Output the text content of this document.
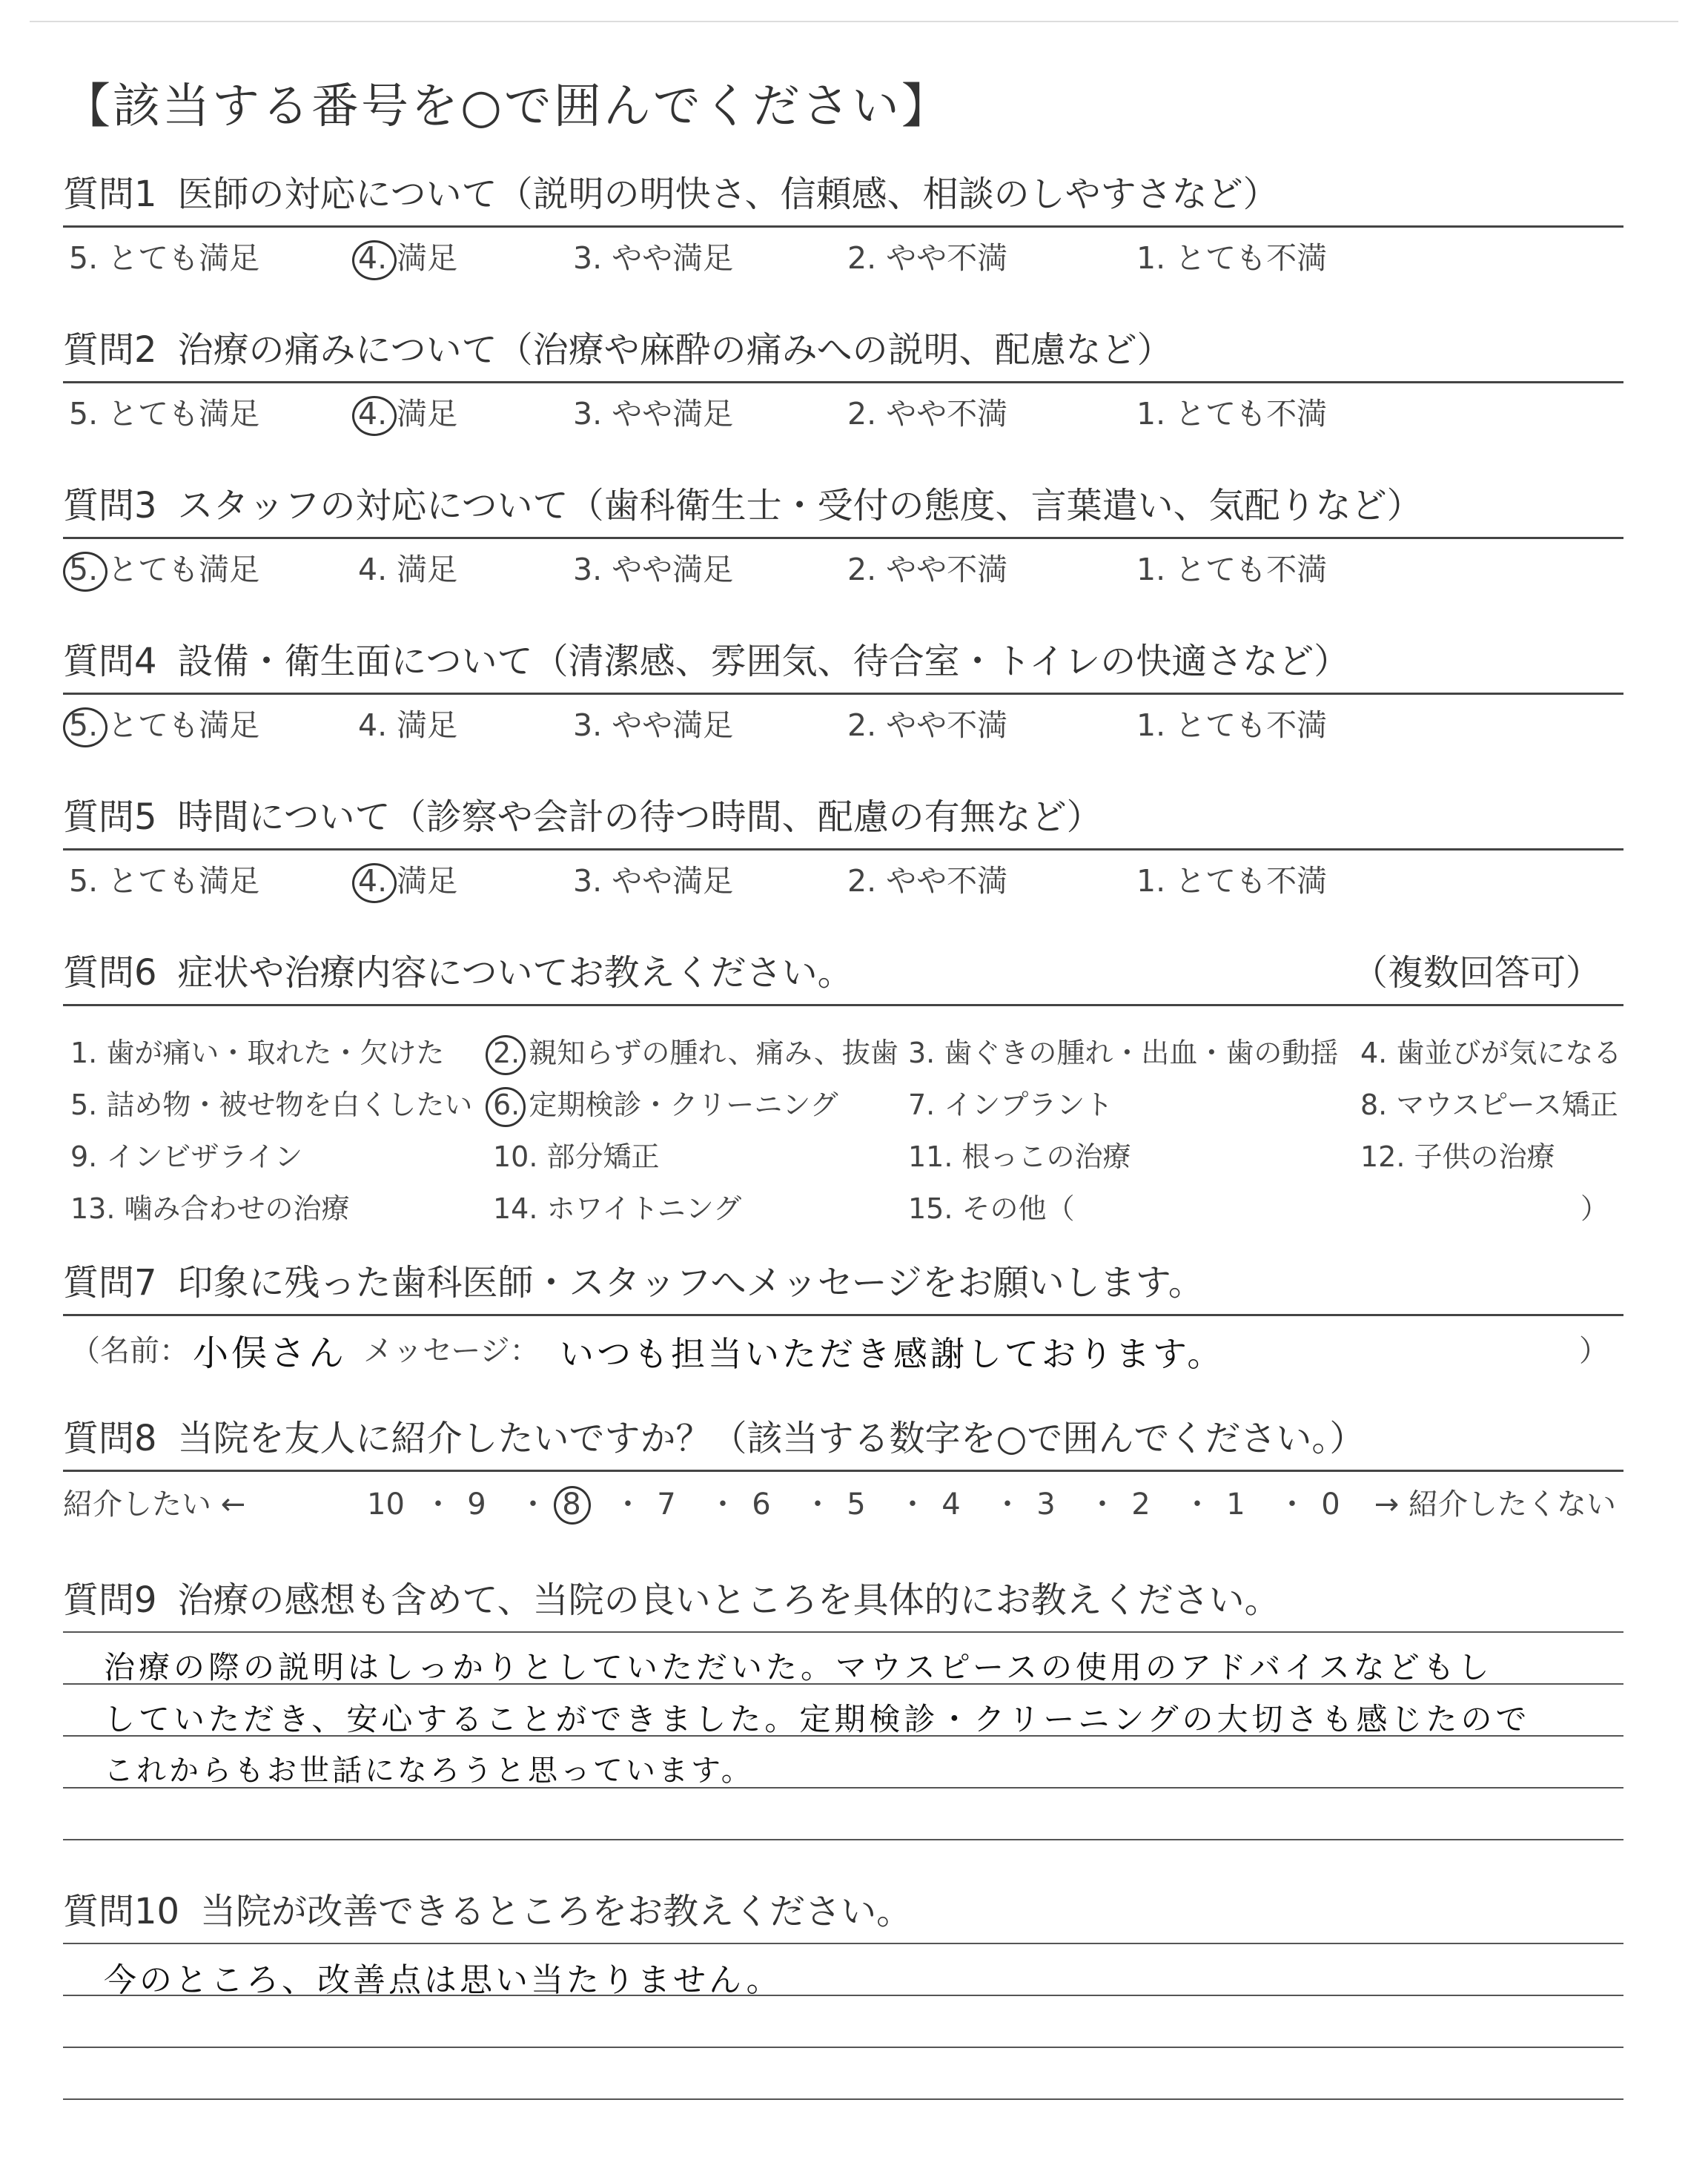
【該当する番号を○で囲んでください】
質問1 医師の対応について（説明の明快さ、信頼感、相談のしやすさなど）
5. とても満足	4. 満足	3. やや満足	2. やや不満	1. とても不満
質問2 治療の痛みについて（治療や麻酔の痛みへの説明、配慮など）
5. とても満足	4. 満足	3. やや満足	2. やや不満	1. とても不満
質問3 スタッフの対応について（歯科衛生士・受付の態度、言葉遣い、気配りなど）
5. とても満足	4. 満足	3. やや満足	2. やや不満	1. とても不満
質問4 設備・衛生面について（清潔感、雰囲気、待合室・トイレの快適さなど）
5. とても満足	4. 満足	3. やや満足	2. やや不満	1. とても不満
質問5 時間について（診察や会計の待つ時間、配慮の有無など）
5. とても満足	4. 満足	3. やや満足	2. やや不満	1. とても不満
質問6 症状や治療内容についてお教えください。	（複数回答可）
1. 歯が痛い・取れた・欠けた 2. 親知らずの腫れ、痛み、抜歯 3. 歯ぐきの腫れ・出血・歯の動揺 4. 歯並びが気になる
5. 詰め物・被せ物を白くしたい 6. 定期検診・クリーニング 7. インプラント	8. マウスピース矯正
9. インビザライン	10. 部分矯正	11. 根っこの治療	12. 子供の治療
13. 噛み合わせの治療	14. ホワイトニング	15. その他（	）
質問7 印象に残った歯科医師・スタッフへメッセージをお願いします。
（名前： 小俣さん メッセージ： いつも担当いただき感謝しております。	）
質問8 当院を友人に紹介したいですか？（該当する数字を○で囲んでください。）
紹介したい ←	→ 紹介したくない
10 ・ 9 ・ 8 ・ 7 ・ 6 ・ 5 ・ 4 ・ 3 ・ 2 ・ 1 ・ 0
質問9 治療の感想も含めて、当院の良いところを具体的にお教えください。
治療の際の説明はしっかりとしていただいた。マウスピースの使用のアドバイスなどもし
していただき、安心することができました。定期検診・クリーニングの大切さも感じたので
これからもお世話になろうと思っています。
質問10 当院が改善できるところをお教えください。
今のところ、改善点は思い当たりません。
